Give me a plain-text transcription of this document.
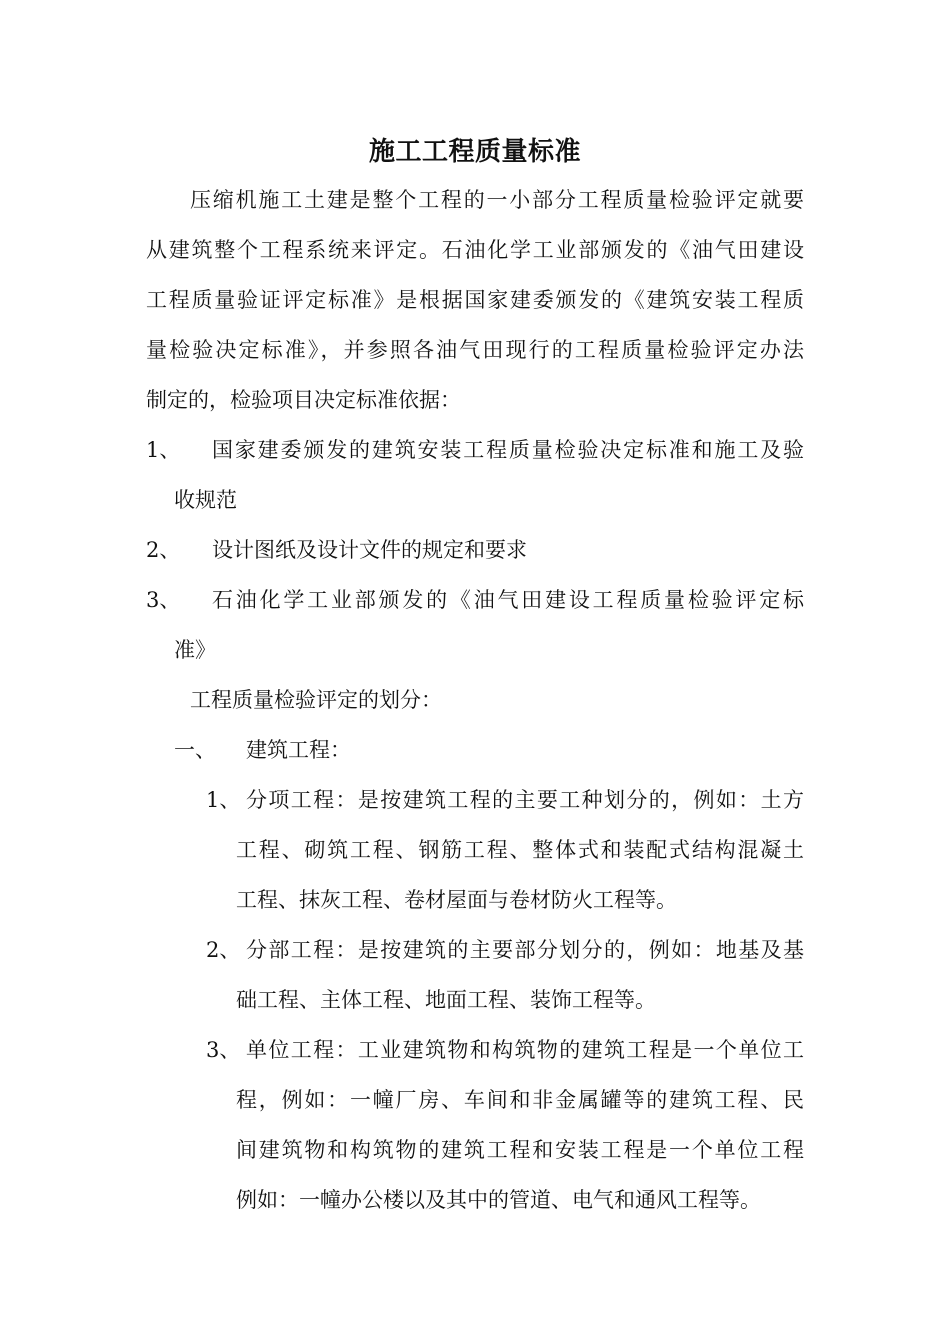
施工工程质量标准
压缩机施工土建是整个工程的一小部分工程质量检验评定就要
从建筑整个工程系统来评定。石油化学工业部颁发的《油气田建设
工程质量验证评定标准》是根据国家建委颁发的《建筑安装工程质
量检验决定标准》，并参照各油气田现行的工程质量检验评定办法
制定的，检验项目决定标准依据：
1、 国家建委颁发的建筑安装工程质量检验决定标准和施工及验
收规范
2、 设计图纸及设计文件的规定和要求
3、 石油化学工业部颁发的《油气田建设工程质量检验评定标
准》
工程质量检验评定的划分：
一、 建筑工程：
1、 分项工程：是按建筑工程的主要工种划分的，例如：土方
工程、砌筑工程、钢筋工程、整体式和装配式结构混凝土
工程、抹灰工程、卷材屋面与卷材防火工程等。
2、 分部工程：是按建筑的主要部分划分的，例如：地基及基
础工程、主体工程、地面工程、装饰工程等。
3、 单位工程：工业建筑物和构筑物的建筑工程是一个单位工
程，例如：一幢厂房、车间和非金属罐等的建筑工程、民
间建筑物和构筑物的建筑工程和安装工程是一个单位工程
例如：一幢办公楼以及其中的管道、电气和通风工程等。
